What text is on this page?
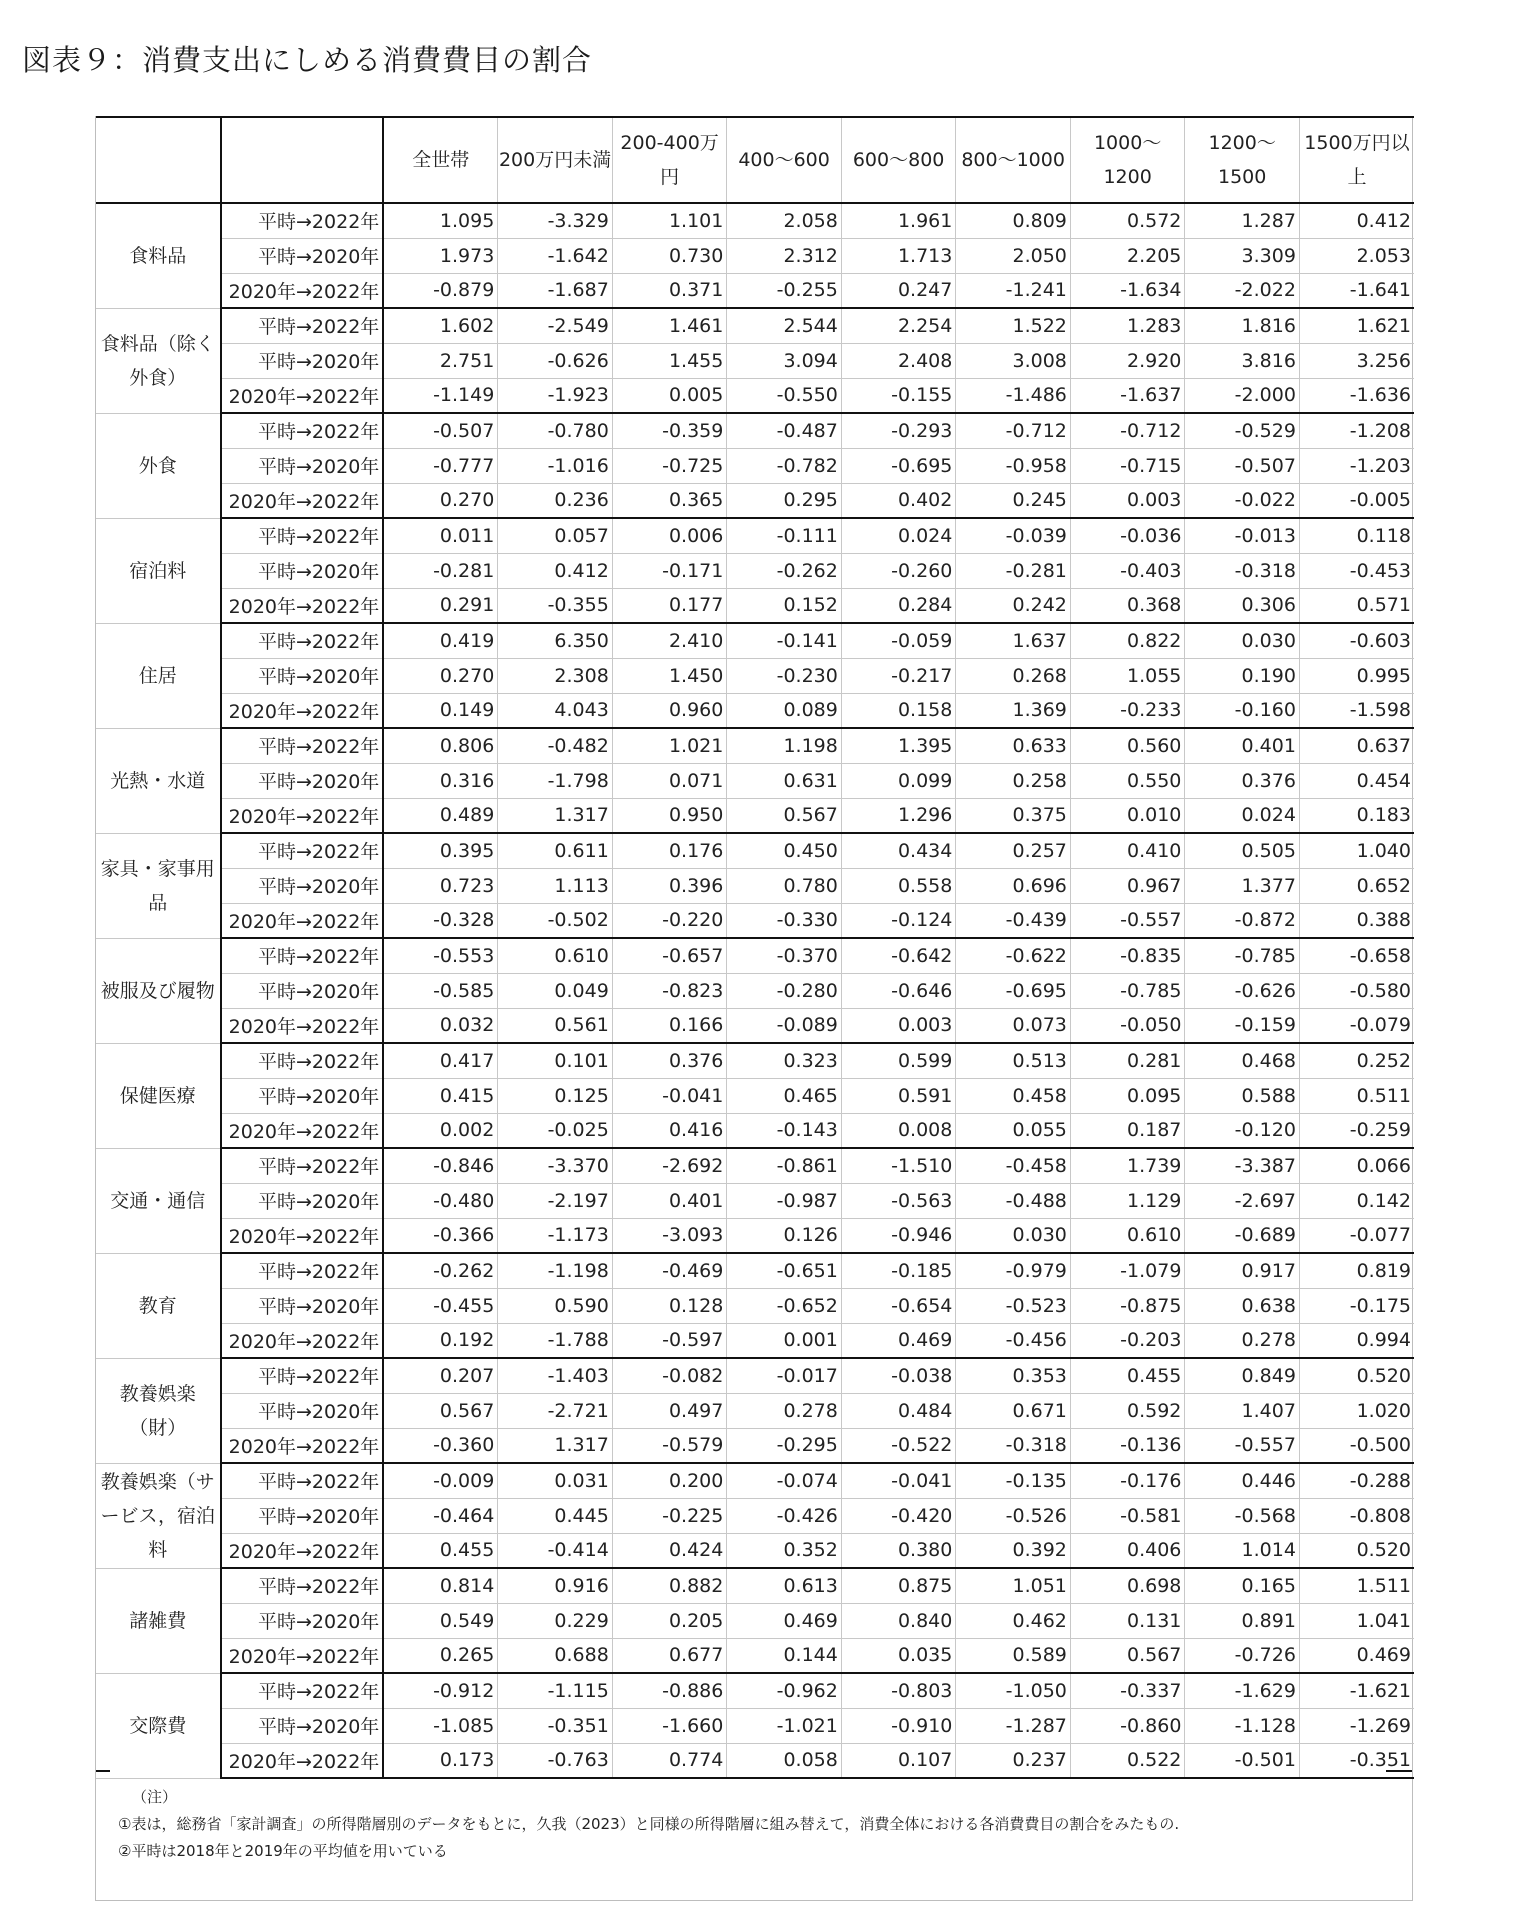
図表９：消費支出にしめる消費費目の割合
		全世帯	200万円未満	200-400万円	400～600	600～800	800～1000	1000～1200	1200～1500	1500万円以上
食料品	平時→2022年	1.095	-3.329	1.101	2.058	1.961	0.809	0.572	1.287	0.412
	平時→2020年	1.973	-1.642	0.730	2.312	1.713	2.050	2.205	3.309	2.053
	2020年→2022年	-0.879	-1.687	0.371	-0.255	0.247	-1.241	-1.634	-2.022	-1.641
食料品（除く外食）	平時→2022年	1.602	-2.549	1.461	2.544	2.254	1.522	1.283	1.816	1.621
	平時→2020年	2.751	-0.626	1.455	3.094	2.408	3.008	2.920	3.816	3.256
	2020年→2022年	-1.149	-1.923	0.005	-0.550	-0.155	-1.486	-1.637	-2.000	-1.636
外食	平時→2022年	-0.507	-0.780	-0.359	-0.487	-0.293	-0.712	-0.712	-0.529	-1.208
	平時→2020年	-0.777	-1.016	-0.725	-0.782	-0.695	-0.958	-0.715	-0.507	-1.203
	2020年→2022年	0.270	0.236	0.365	0.295	0.402	0.245	0.003	-0.022	-0.005
宿泊料	平時→2022年	0.011	0.057	0.006	-0.111	0.024	-0.039	-0.036	-0.013	0.118
	平時→2020年	-0.281	0.412	-0.171	-0.262	-0.260	-0.281	-0.403	-0.318	-0.453
	2020年→2022年	0.291	-0.355	0.177	0.152	0.284	0.242	0.368	0.306	0.571
住居	平時→2022年	0.419	6.350	2.410	-0.141	-0.059	1.637	0.822	0.030	-0.603
	平時→2020年	0.270	2.308	1.450	-0.230	-0.217	0.268	1.055	0.190	0.995
	2020年→2022年	0.149	4.043	0.960	0.089	0.158	1.369	-0.233	-0.160	-1.598
光熱・水道	平時→2022年	0.806	-0.482	1.021	1.198	1.395	0.633	0.560	0.401	0.637
	平時→2020年	0.316	-1.798	0.071	0.631	0.099	0.258	0.550	0.376	0.454
	2020年→2022年	0.489	1.317	0.950	0.567	1.296	0.375	0.010	0.024	0.183
家具・家事用品	平時→2022年	0.395	0.611	0.176	0.450	0.434	0.257	0.410	0.505	1.040
	平時→2020年	0.723	1.113	0.396	0.780	0.558	0.696	0.967	1.377	0.652
	2020年→2022年	-0.328	-0.502	-0.220	-0.330	-0.124	-0.439	-0.557	-0.872	0.388
被服及び履物	平時→2022年	-0.553	0.610	-0.657	-0.370	-0.642	-0.622	-0.835	-0.785	-0.658
	平時→2020年	-0.585	0.049	-0.823	-0.280	-0.646	-0.695	-0.785	-0.626	-0.580
	2020年→2022年	0.032	0.561	0.166	-0.089	0.003	0.073	-0.050	-0.159	-0.079
保健医療	平時→2022年	0.417	0.101	0.376	0.323	0.599	0.513	0.281	0.468	0.252
	平時→2020年	0.415	0.125	-0.041	0.465	0.591	0.458	0.095	0.588	0.511
	2020年→2022年	0.002	-0.025	0.416	-0.143	0.008	0.055	0.187	-0.120	-0.259
交通・通信	平時→2022年	-0.846	-3.370	-2.692	-0.861	-1.510	-0.458	1.739	-3.387	0.066
	平時→2020年	-0.480	-2.197	0.401	-0.987	-0.563	-0.488	1.129	-2.697	0.142
	2020年→2022年	-0.366	-1.173	-3.093	0.126	-0.946	0.030	0.610	-0.689	-0.077
教育	平時→2022年	-0.262	-1.198	-0.469	-0.651	-0.185	-0.979	-1.079	0.917	0.819
	平時→2020年	-0.455	0.590	0.128	-0.652	-0.654	-0.523	-0.875	0.638	-0.175
	2020年→2022年	0.192	-1.788	-0.597	0.001	0.469	-0.456	-0.203	0.278	0.994
教養娯楽（財）	平時→2022年	0.207	-1.403	-0.082	-0.017	-0.038	0.353	0.455	0.849	0.520
	平時→2020年	0.567	-2.721	0.497	0.278	0.484	0.671	0.592	1.407	1.020
	2020年→2022年	-0.360	1.317	-0.579	-0.295	-0.522	-0.318	-0.136	-0.557	-0.500
教養娯楽（サービス，宿泊料	平時→2022年	-0.009	0.031	0.200	-0.074	-0.041	-0.135	-0.176	0.446	-0.288
	平時→2020年	-0.464	0.445	-0.225	-0.426	-0.420	-0.526	-0.581	-0.568	-0.808
	2020年→2022年	0.455	-0.414	0.424	0.352	0.380	0.392	0.406	1.014	0.520
諸雑費	平時→2022年	0.814	0.916	0.882	0.613	0.875	1.051	0.698	0.165	1.511
	平時→2020年	0.549	0.229	0.205	0.469	0.840	0.462	0.131	0.891	1.041
	2020年→2022年	0.265	0.688	0.677	0.144	0.035	0.589	0.567	-0.726	0.469
交際費	平時→2022年	-0.912	-1.115	-0.886	-0.962	-0.803	-1.050	-0.337	-1.629	-1.621
	平時→2020年	-1.085	-0.351	-1.660	-1.021	-0.910	-1.287	-0.860	-1.128	-1.269
	2020年→2022年	0.173	-0.763	0.774	0.058	0.107	0.237	0.522	-0.501	-0.351
（注）
①表は，総務省「家計調査」の所得階層別のデータをもとに，久我（2023）と同様の所得階層に組み替えて，消費全体における各消費費目の割合をみたもの.
②平時は2018年と2019年の平均値を用いている
